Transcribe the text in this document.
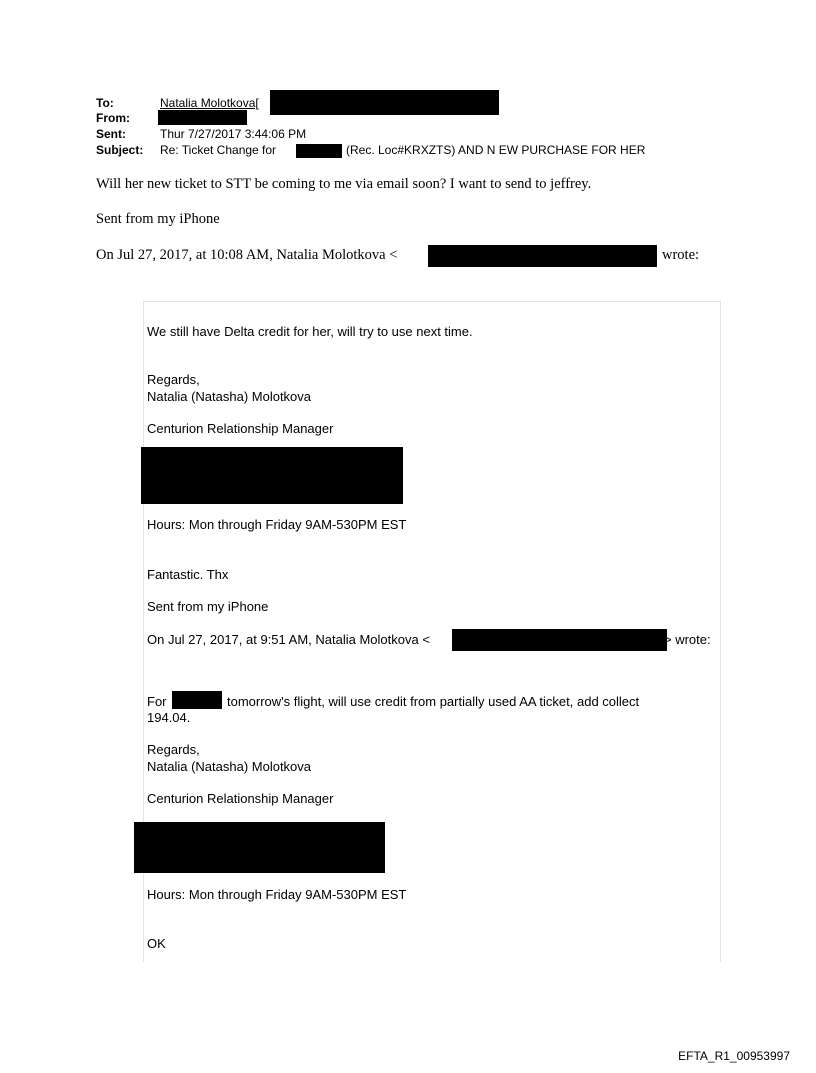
To:	Natalia Molotkova[
From:
Sent:	Thur 7/27/2017 3:44:06 PM
Subject: Re: Ticket Change for	(Rec. Loc#KRXZTS) AND N EW PURCHASE FOR HER
Will her new ticket to STT be coming to me via email soon? I want to send to jeffrey.
Sent from my iPhone
On Jul 27, 2017, at 10:08 AM, Natalia Molotkova <	wrote:
We still have Delta credit for her, will try to use next time.
Regards,
Natalia (Natasha) Molotkova
Centurion Relationship Manager
Hours: Mon through Friday 9AM-530PM EST
Fantastic. Thx
Sent from my iPhone
On Jul 27, 2017, at 9:51 AM, Natalia Molotkova <	> wrote:
For	tomorrow's flight, will use credit from partially used AA ticket, add collect
194.04.
Regards,
Natalia (Natasha) Molotkova
Centurion Relationship Manager
Hours: Mon through Friday 9AM-530PM EST
OK
EFTA_R1_00953997
